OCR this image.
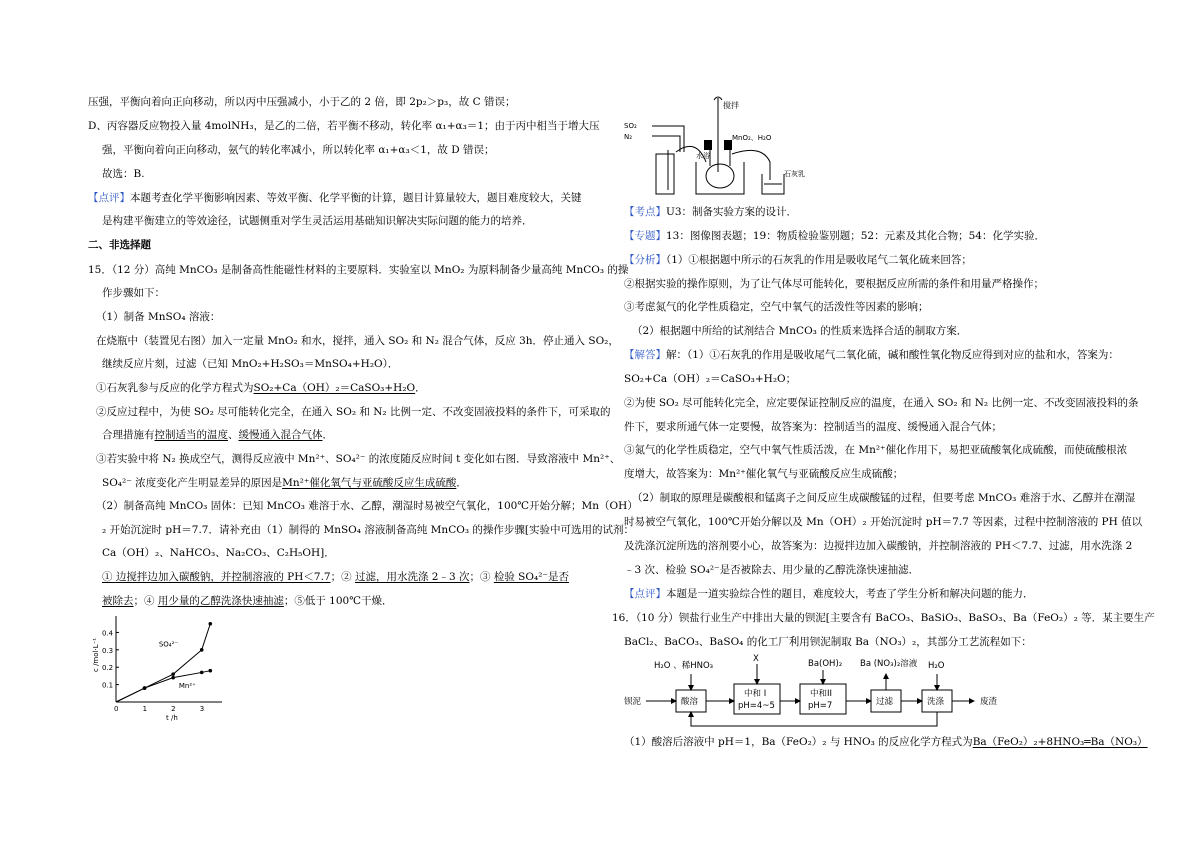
压强，平衡向着向正向移动，所以丙中压强减小，小于乙的 2 倍，即 2p₂＞p₃，故 C 错误；
D、丙容器反应物投入量 4molNH₃，是乙的二倍，若平衡不移动，转化率 α₁+α₃＝1；由于丙中相当于增大压
强，平衡向着向正向移动，氨气的转化率减小，所以转化率 α₁+α₃＜1，故 D 错误；
故选：B.
【点评】本题考查化学平衡影响因素、等效平衡、化学平衡的计算，题目计算量较大，题目难度较大，关键
是构建平衡建立的等效途径，试题侧重对学生灵活运用基础知识解决实际问题的能力的培养．
二、非选择题
15．（12 分）高纯 MnCO₃ 是制备高性能磁性材料的主要原料．实验室以 MnO₂ 为原料制备少量高纯 MnCO₃ 的操
作步骤如下：
（1）制备 MnSO₄ 溶液：
在烧瓶中（装置见右图）加入一定量 MnO₂ 和水，搅拌，通入 SO₂ 和 N₂ 混合气体，反应 3h．停止通入 SO₂，
继续反应片刻，过滤（已知 MnO₂+H₂SO₃＝MnSO₄+H₂O）．
①石灰乳参与反应的化学方程式为SO₂+Ca（OH）₂＝CaSO₃+H₂O．
②反应过程中，为使 SO₂ 尽可能转化完全，在通入 SO₂ 和 N₂ 比例一定、不改变固液投料的条件下，可采取的
合理措施有控制适当的温度、缓慢通入混合气体．
③若实验中将 N₂ 换成空气，测得反应液中 Mn²⁺、SO₄²⁻ 的浓度随反应时间 t 变化如右图．导致溶液中 Mn²⁺、
SO₄²⁻ 浓度变化产生明显差异的原因是Mn²⁺催化氧气与亚硫酸反应生成硫酸．
（2）制备高纯 MnCO₃ 固体：已知 MnCO₃ 难溶于水、乙醇，潮湿时易被空气氧化，100℃开始分解；Mn（OH）
₂ 开始沉淀时 pH＝7.7．请补充由（1）制得的 MnSO₄ 溶液制备高纯 MnCO₃ 的操作步骤[实验中可选用的试剂：
Ca（OH）₂、NaHCO₃、Na₂CO₃、C₂H₅OH]．
① 边搅拌边加入碳酸钠，并控制溶液的 PH＜7.7；② 过滤，用水洗涤 2﹣3 次；③ 检验 SO₄²⁻是否
被除去；④ 用少量的乙醇洗涤快速抽滤；⑤低于 100℃干燥．
0	1	2	3
0.1
0.2
0.3
0.4
c /mol·L⁻¹
t /h
SO₄²⁻
Mn²⁺
搅拌
SO₂
N₂	MnO₂、H₂O
水浴
石灰乳
【考点】U3：制备实验方案的设计．
【专题】13：图像图表题；19：物质检验鉴别题；52：元素及其化合物；54：化学实验．
【分析】（1）①根据题中所示的石灰乳的作用是吸收尾气二氧化硫来回答；
②根据实验的操作原则，为了让气体尽可能转化，要根据反应所需的条件和用量严格操作；
③考虑氮气的化学性质稳定，空气中氧气的活泼性等因素的影响；
（2）根据题中所给的试剂结合 MnCO₃ 的性质来选择合适的制取方案．
【解答】解：（1）①石灰乳的作用是吸收尾气二氧化硫，碱和酸性氧化物反应得到对应的盐和水，答案为：
SO₂+Ca（OH）₂＝CaSO₃+H₂O；
②为使 SO₂ 尽可能转化完全，应定要保证控制反应的温度，在通入 SO₂ 和 N₂ 比例一定、不改变固液投料的条
件下，要求所通气体一定要慢，故答案为：控制适当的温度、缓慢通入混合气体；
③氮气的化学性质稳定，空气中氧气性质活泼，在 Mn²⁺催化作用下，易把亚硫酸氧化成硫酸，而使硫酸根浓
度增大，故答案为：Mn²⁺催化氧气与亚硫酸反应生成硫酸；
（2）制取的原理是碳酸根和锰离子之间反应生成碳酸锰的过程，但要考虑 MnCO₃ 难溶于水、乙醇并在潮湿
时易被空气氧化，100℃开始分解以及 Mn（OH）₂ 开始沉淀时 pH＝7.7 等因素，过程中控制溶液的 PH 值以
及洗涤沉淀所选的溶剂要小心，故答案为：边搅拌边加入碳酸钠，并控制溶液的 PH＜7.7、过滤，用水洗涤 2
﹣3 次、检验 SO₄²⁻是否被除去、用少量的乙醇洗涤快速抽滤．
【点评】本题是一道实验综合性的题目，难度较大，考查了学生分析和解决问题的能力．
16．（10 分）钡盐行业生产中排出大量的钡泥[主要含有 BaCO₃、BaSiO₃、BaSO₃、Ba（FeO₂）₂ 等．某主要生产
BaCl₂、BaCO₃、BaSO₄ 的化工厂利用钡泥制取 Ba（NO₃）₂，其部分工艺流程如下：
H₂O 、稀HNO₃
X	Ba(OH)₂ Ba (NO₃)₂溶液 H₂O
钡泥	酸溶
中和 I
pH=4~5
中和II
pH=7	过滤	洗涤	废渣
（1）酸溶后溶液中 pH＝1，Ba（FeO₂）₂ 与 HNO₃ 的反应化学方程式为Ba（FeO₂）₂+8HNO₃═Ba（NO₃）
